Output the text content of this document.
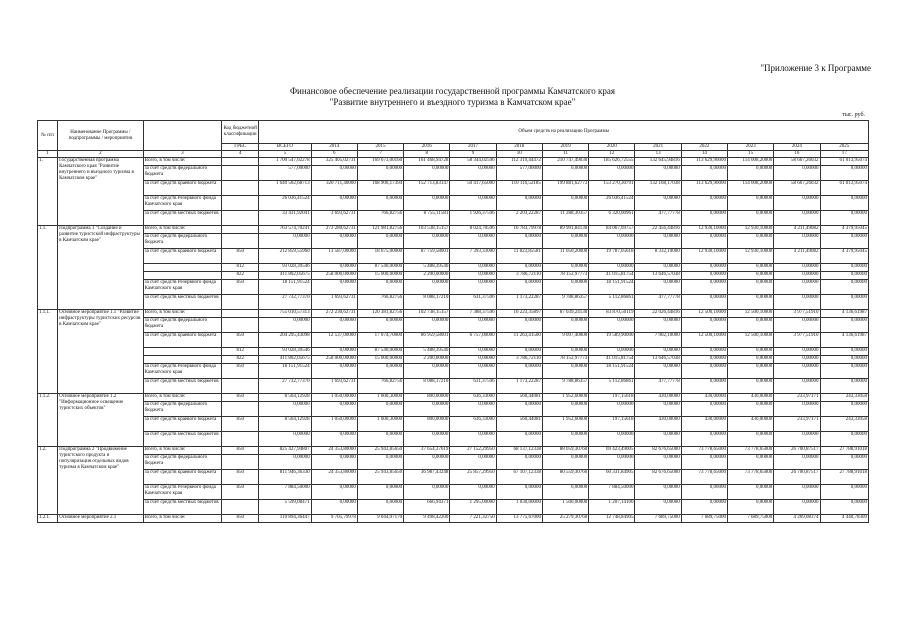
"Приложение 3 к Программе
Финансовое обеспечение реализации государственной программы Камчатского края
"Развитие внутреннего и въездного туризма в Камчатском крае"
тыс. руб.
№ п/п	Наименование Программы / подпрограммы / мероприятия		Код бюджетной классификации	Объем средств на реализацию Программы												
			ГРБС	ВСЕГО	2014	2015	2016	2017	2018	2019	2020	2021	2022	2023	2024	2025
1	2	3	4	5	6	7	8	9	10	11	12	13	14	15	16	17
1.	Государственная программа Камчатского края "Развитие внутреннего и въездного туризма в Камчатском крае"	Всего, в том числе:		1 700 547,02278	325 405,02731	169 673,00160	161 468,94728	58 344,02596	112 319,44472	210 747,49030	185 626,72555	132 645,94816	113 629,90000	114 008,20000	58 667,26032	61 013,95074
		за счет средств федерального бюджета		577,00000	0,00000	0,00000	0,00000	0,00000	577,00000	0,00000	0,00000	0,00000	0,00000	0,00000	0,00000	0,00000
		за счет средств краевого бюджета		1 640 502,68713	320 711,40000	168 906,17394	152 713,83147	50 417,65000	110 116,52185	199 881,62773	153 270,30791	132 168,17038	113 629,90000	114 008,20000	58 667,26032	61 013,95074
		за счет средств Резервного фонда Камчатского края		26 036,41524	0,00000	0,00000	0,00000	0,00000	0,00000	0,00000	26 036,41524	0,00000	0,00000	0,00000	0,00000	0,00000
		за счет средств местных бюджетов		33 431,92041	3 693,62731	766,82756	8 755,11581	1 926,37596	2 203,22287	11 288,30357	6 320,00961	477,77778	0,00000	0,00000	0,00000	0,00000
1.1.	Подпрограмма 1 "Создание и развитие туристской инфраструктуры в Камчатском крае"	Всего, в том числе:		763 574,70241	273 280,62731	121 981,82756	103 538,15157	8 024,70596	16 783,79978	89 991,84130	84 067,69757	22 456,44816	12 930,10000	12 930,10000	4 211,49082	4 379,95045
		за счет средств федерального бюджета		0,00000	0,00000	0,00000	0,00000	0,00000	0,00000	0,00000	0,00000	0,00000	0,00000	0,00000	0,00000	0,00000
		за счет средств краевого бюджета	850	212 859,55960	13 587,00000	18 675,00000	87 759,58601	7 393,33000	11 823,85581	11 050,20000	19 787,05618	8 332,10000	12 930,10000	12 930,10000	4 211,49082	4 379,95045
			812	93 028,39546	0,00000	87 540,00000	5 488,39546	0,00000	0,00000	0,00000	0,00000	0,00000	0,00000	0,00000	0,00000	0,00000
			822	411 802,05675	258 000,00000	15 000,00000	2 200,00000	0,00000	3 786,72110	78 152,97773	41 015,81754	13 646,57038	0,00000	0,00000	0,00000	0,00000
		за счет средств Резервного фонда Камчатского края	850	18 151,91524	0,00000	0,00000	0,00000	0,00000	0,00000	0,00000	18 151,91524	0,00000	0,00000	0,00000	0,00000	0,00000
		за счет средств местных бюджетов		27 732,77370	1 693,62731	766,82756	8 088,17210	631,37596	1 173,22287	9 788,86357	5 112,86861	477,77778	0,00000	0,00000	0,00000	0,00000
1.1.1.	Основное мероприятие 1.1 "Развитие инфраструктуры туристских ресурсов в Камчатском крае"	Всего, в том числе:		755 010,57313	272 230,62731	120 381,82756	102 738,15157	7 388,37596	16 223,35897	87 039,24130	83 870,50119	22 026,44816	12 500,10000	12 500,10000	3 977,51910	4 136,61987
		за счет средств федерального бюджета		0,00000	0,00000	0,00000	0,00000	0,00000	0,00000	0,00000	0,00000	0,00000	0,00000	0,00000	0,00000	0,00000
		за счет средств краевого бюджета	850	204 295,43098	12 537,00000	17 074,70000	86 959,58601	6 757,00000	11 263,41500	9 097,40000	19 589,90000	7 902,10000	12 500,10000	12 500,10000	3 977,51910	4 136,61987
			812	93 028,39546	0,00000	87 540,00000	5 488,39546	0,00000	0,00000	0,00000	0,00000	0,00000	0,00000	0,00000	0,00000	0,00000
			822	411 802,05675	258 000,00000	15 000,00000	2 200,00000	0,00000	3 786,72110	78 152,97773	41 015,81754	13 646,57038	0,00000	0,00000	0,00000	0,00000
		за счет средств Резервного фонда Камчатского края	850	18 151,91524	0,00000	0,00000	0,00000	0,00000	0,00000	0,00000	18 151,91524	0,00000	0,00000	0,00000	0,00000	0,00000
		за счет средств местных бюджетов		27 732,77370	1 693,62731	766,82756	8 088,17210	631,37596	1 173,22287	9 788,86357	5 112,86861	477,77778	0,00000	0,00000	0,00000	0,00000
1.1.2.	Основное мероприятие 1.2 "Информационное освещение туристских объектов"	Всего, в том числе:	850	8 564,12928	1 050,00000	1 600,30000	800,00000	636,33000	560,44081	1 952,60000	197,15618	430,00000	430,00000	430,00000	233,97171	243,33058
		за счет средств федерального бюджета		0,00000	0,00000	0,00000	0,00000	0,00000	0,00000	0,00000	0,00000	0,00000	0,00000	0,00000	0,00000	0,00000
		за счет средств краевого бюджета	850	8 564,12928	1 050,00000	1 600,30000	800,00000	636,33000	560,44081	1 952,60000	197,15618	430,00000	430,00000	430,00000	233,97171	243,33058
		за счет средств местных бюджетов		0,00000	0,00000	0,00000	0,00000	0,00000	0,00000	0,00000	0,00000	0,00000	0,00000	0,00000	0,00000	0,00000
1.2.	Подпрограмма 2 "Продвижение туристского продукта и популяризация отдельных видов туризма в Камчатском крае"	Всего, в том числе:	850	825 427,94807	24 353,80000	25 943,85650	37 654,37619	27 152,29950	68 137,12338	88 059,30760	69 423,49005	82 676,65000	73 778,65000	73 778,65000	26 700,87517	27 788,91018
		за счет средств федерального бюджета		0,00000	0,00000	0,00000	0,00000	0,00000	0,00000	0,00000	0,00000	0,00000	0,00000	0,00000	0,00000	0,00000
		за счет средств краевого бюджета	850	811 946,36330	24 353,80000	25 943,85650	36 987,43248	25 857,29950	67 107,12338	80 559,30760	60 331,84905	82 676,65000	73 778,65000	73 778,65000	26 700,87517	27 788,91018
		за счет средств Резервного фонда Камчатского края	850	7 884,50000	0,00000	0,00000	0,00000	0,00000	0,00000	0,00000	7 884,50000	0,00000	0,00000	0,00000	0,00000	0,00000
		за счет средств местных бюджетов		5 599,08471	0,00000	0,00000	666,94371	1 295,00000	1 030,00000	1 500,00000	1 207,14100	0,00000	0,00000	0,00000	0,00000	0,00000
1.2.1.	Основное мероприятие 2.1	Всего, в том числе:	850	119 894,36447	9 705,79978	9 044,07170	9 498,42200	7 221,32750	13 775,67000	25 279,30760	12 748,84905	7 689,75000	7 689,75000	7 689,75000	4 269,08374	4 440,78309
